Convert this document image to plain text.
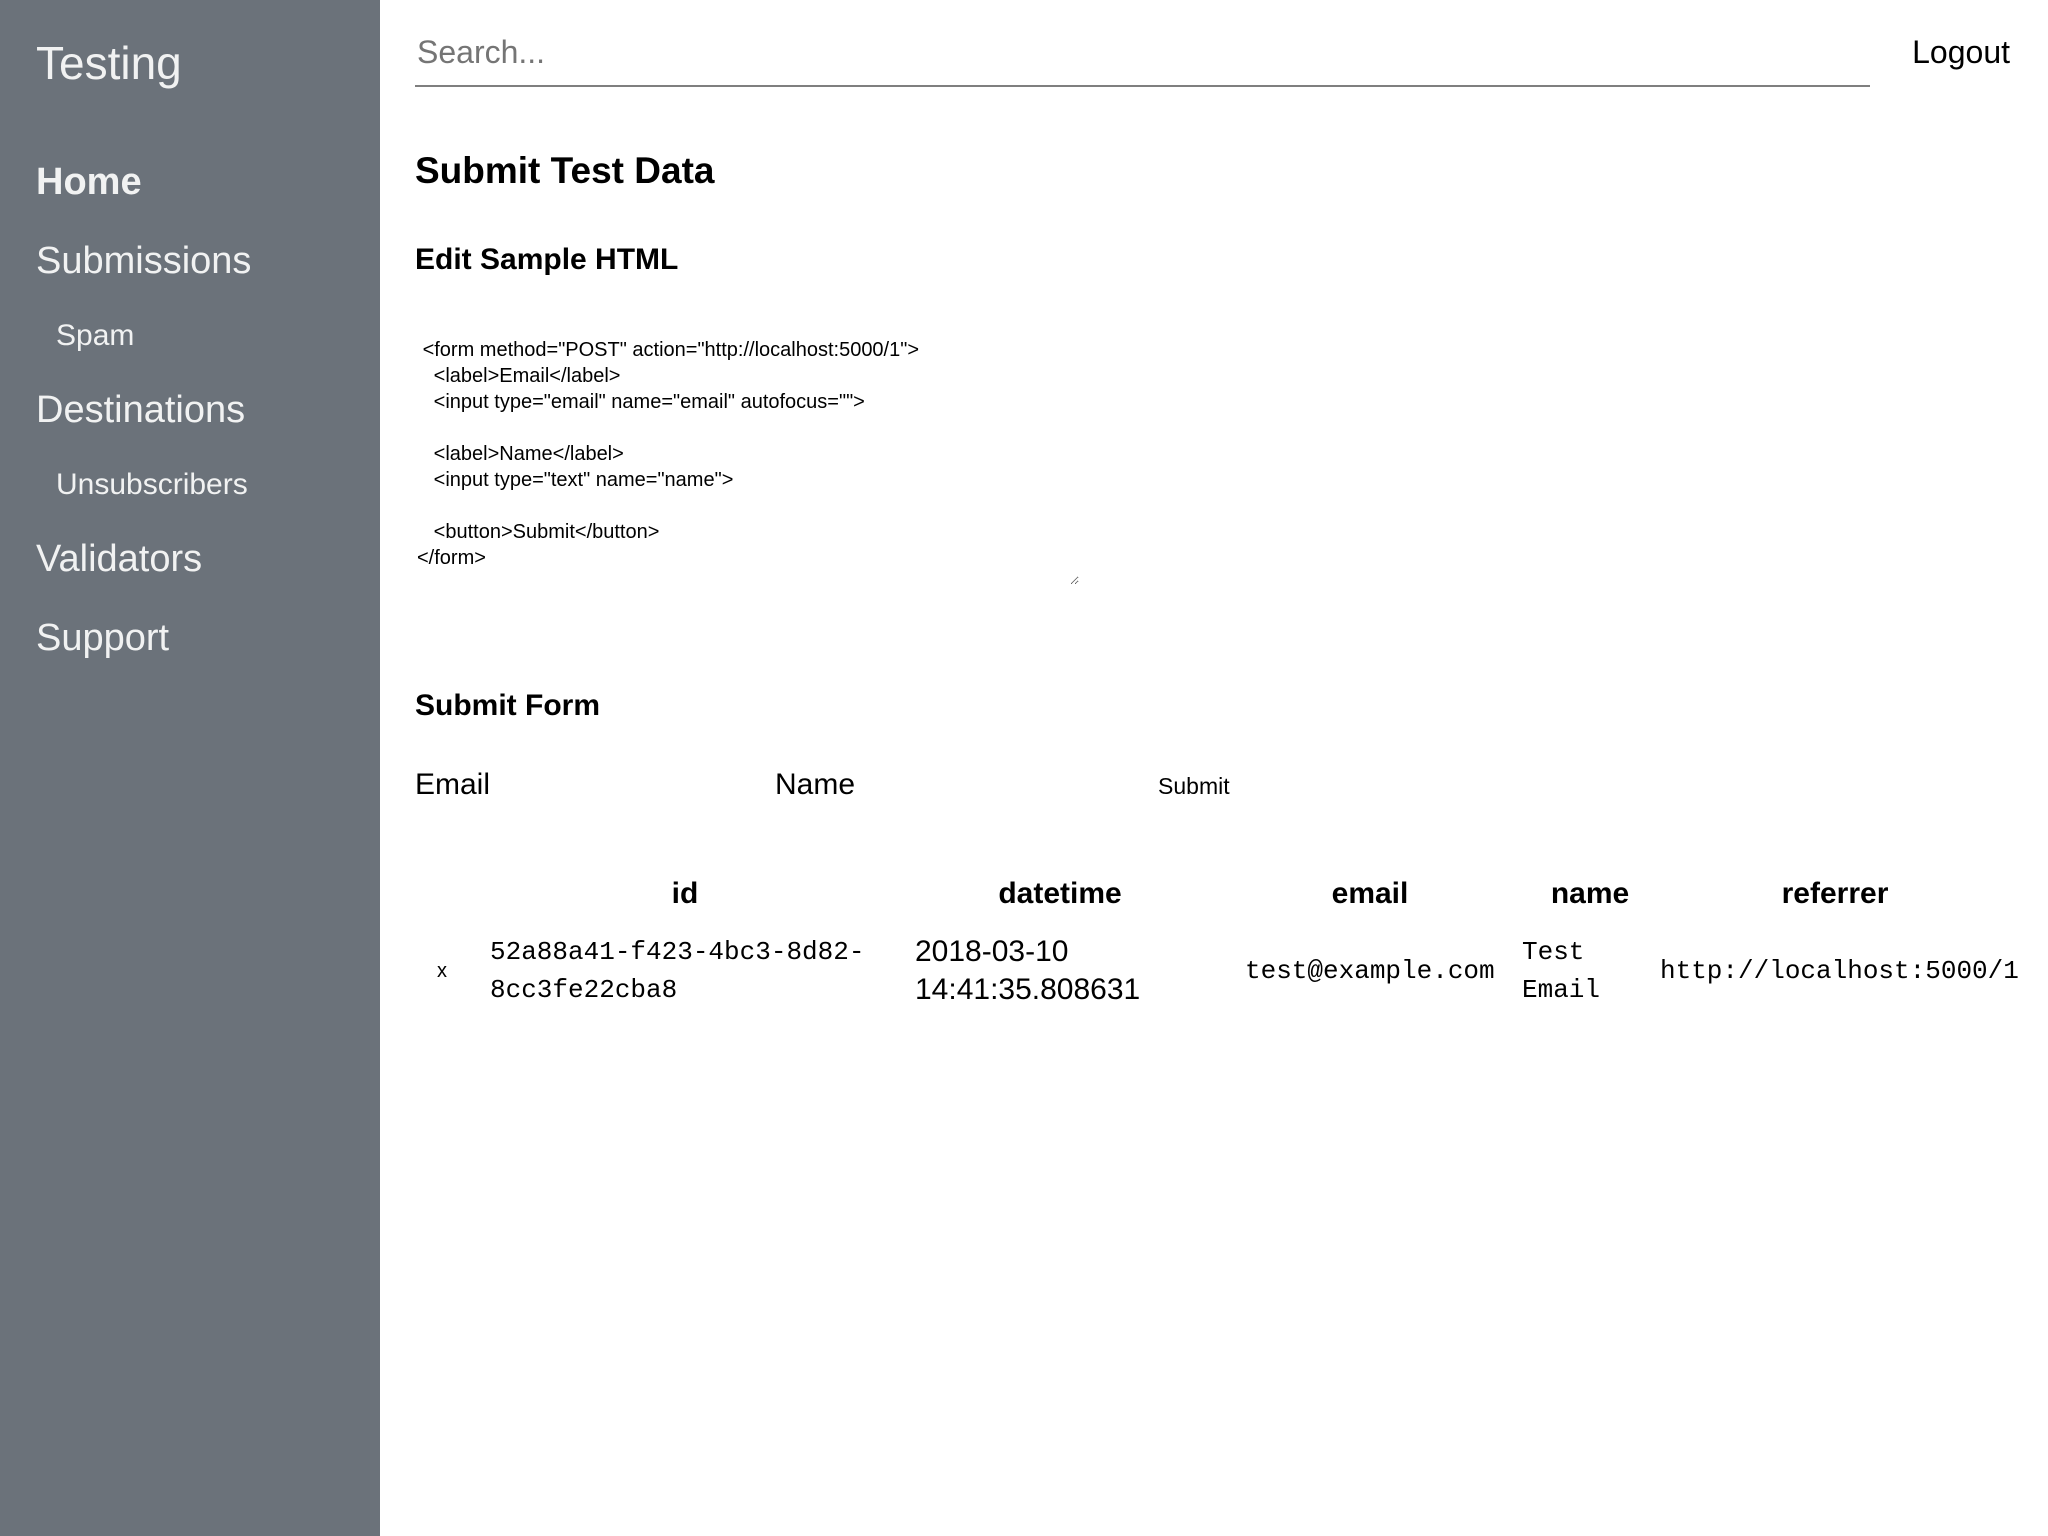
Testing
Home
Submissions
Spam
Destinations
Unsubscribers
Validators
Support
Search...
Logout
Submit Test Data
Edit Sample HTML
<form method="POST" action="http://localhost:5000/1"> <label>Email</label> <input type="email" name="email" autofocus=""> <label>Name</label> <input type="text" name="name"> <button>Submit</button> </form>
Submit Form
Email	Name	Submit
	id	datetime	email	name	referrer
x	52a88a41-f423-4bc3-8d82-8cc3fe22cba8	2018-03-10 14:41:35.808631	test@example.com	Test Email	http://localhost:5000/1
